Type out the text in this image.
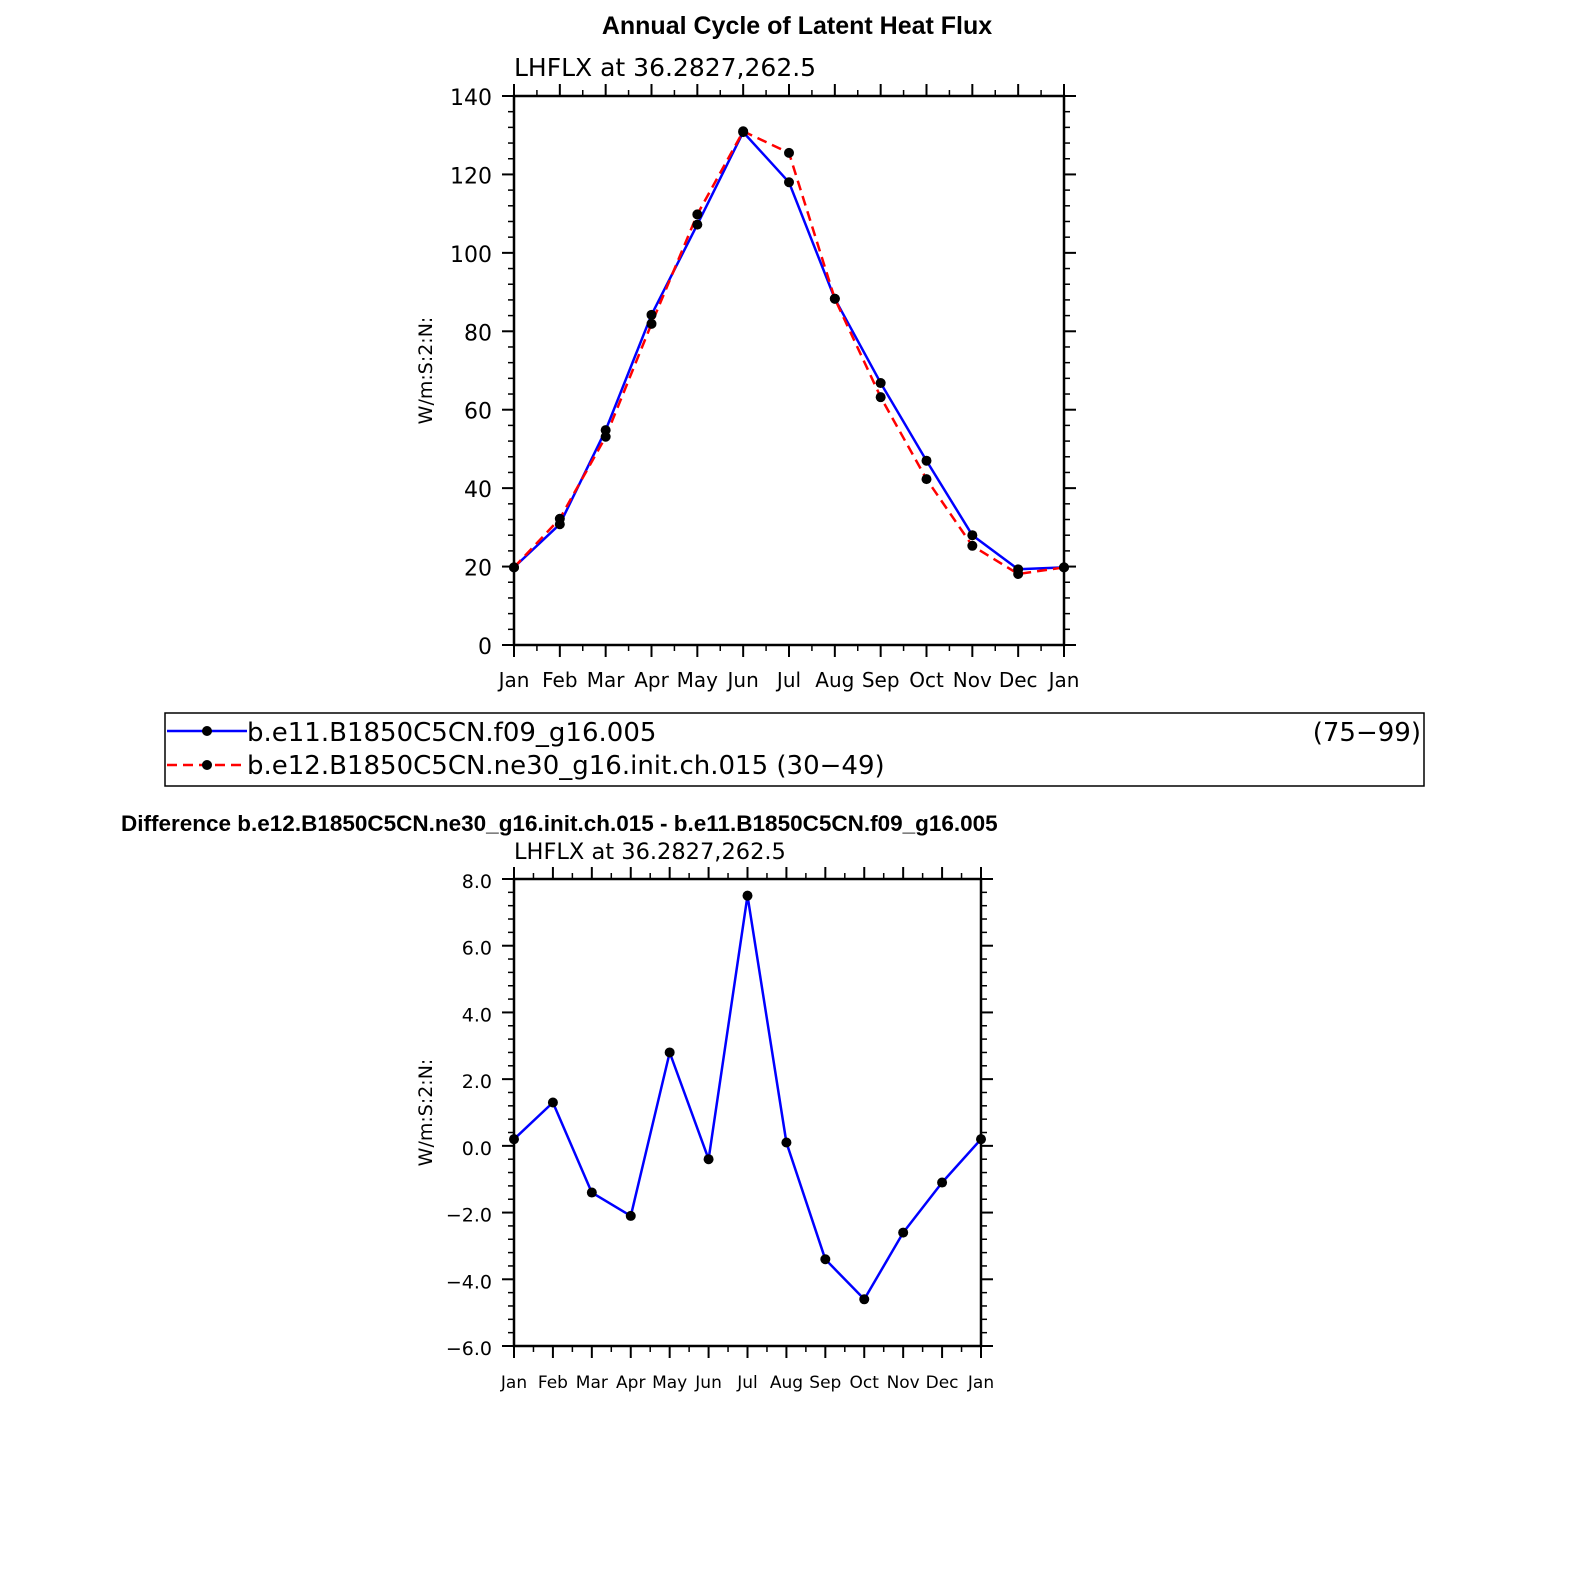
Annual Cycle of Latent Heat Flux
Jan Feb Mar Apr May Jun Jul Aug Sep Oct Nov Dec Jan
0
20
40
60
80
100
120
140
LHFLX at 36.2827,262.5
W/m:S:2:N:
b.e11.B1850C5CN.f09_g16.005	(75−99)
b.e12.B1850C5CN.ne30_g16.init.ch.015 (30−49)
Difference b.e12.B1850C5CN.ne30_g16.init.ch.015 - b.e11.B1850C5CN.f09_g16.005
Jan Feb Mar Apr May Jun Jul Aug Sep Oct Nov Dec Jan
−6.0
−4.0
−2.0
0.0
2.0
4.0
6.0
8.0
LHFLX at 36.2827,262.5
W/m:S:2:N:
